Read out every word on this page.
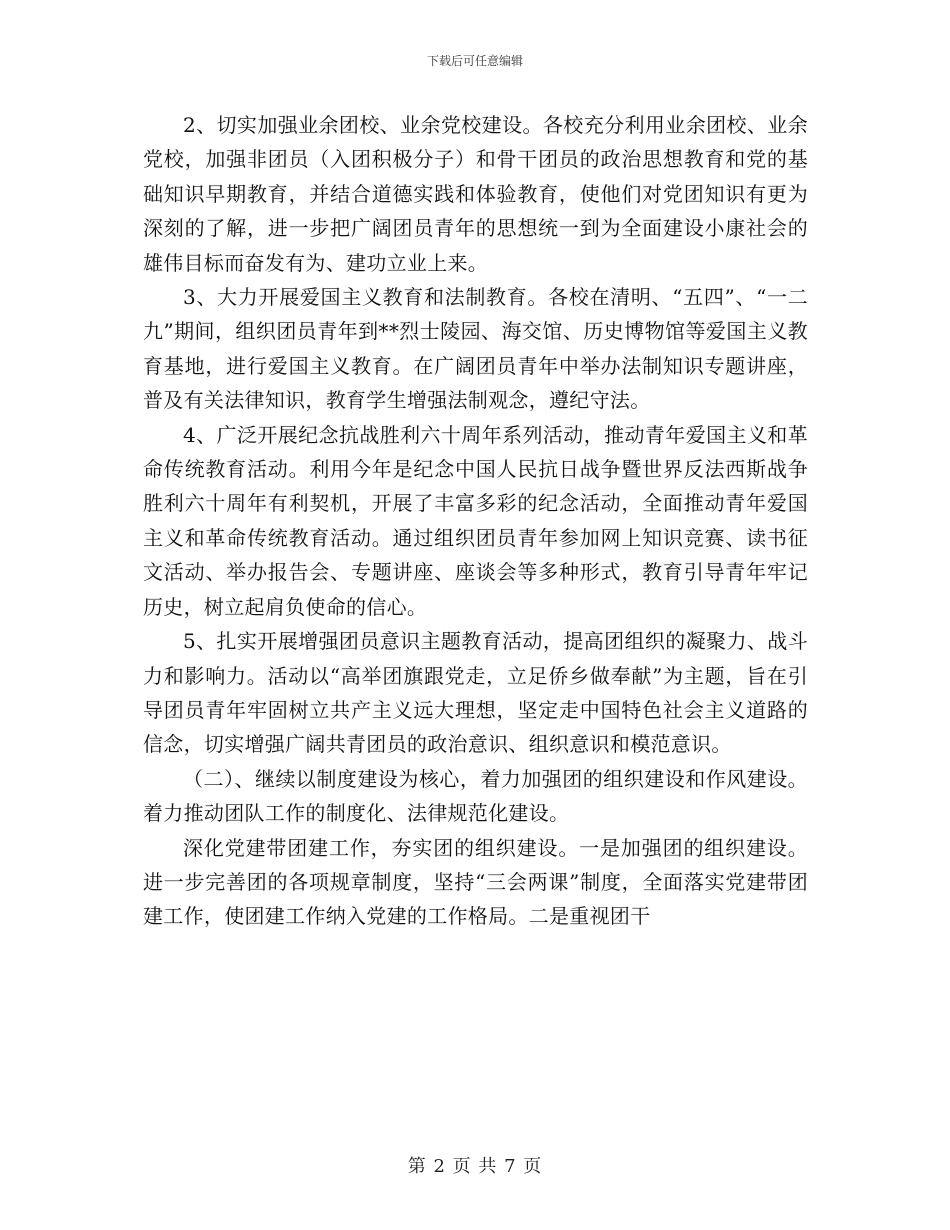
下载后可任意编辑

2、切实加强业余团校、业余党校建设。各校充分利用业余团校、业余党校，加强非团员（入团积极分子）和骨干团员的政治思想教育和党的基础知识早期教育，并结合道德实践和体验教育，使他们对党团知识有更为深刻的了解，进一步把广阔团员青年的思想统一到为全面建设小康社会的雄伟目标而奋发有为、建功立业上来。

3、大力开展爱国主义教育和法制教育。各校在清明、“五四”、“一二九”期间，组织团员青年到**烈士陵园、海交馆、历史博物馆等爱国主义教育基地，进行爱国主义教育。在广阔团员青年中举办法制知识专题讲座，普及有关法律知识，教育学生增强法制观念，遵纪守法。

4、广泛开展纪念抗战胜利六十周年系列活动，推动青年爱国主义和革命传统教育活动。利用今年是纪念中国人民抗日战争暨世界反法西斯战争胜利六十周年有利契机，开展了丰富多彩的纪念活动，全面推动青年爱国主义和革命传统教育活动。通过组织团员青年参加网上知识竞赛、读书征文活动、举办报告会、专题讲座、座谈会等多种形式，教育引导青年牢记历史，树立起肩负使命的信心。

5、扎实开展增强团员意识主题教育活动，提高团组织的凝聚力、战斗力和影响力。活动以“高举团旗跟党走，立足侨乡做奉献”为主题，旨在引导团员青年牢固树立共产主义远大理想，坚定走中国特色社会主义道路的信念，切实增强广阔共青团员的政治意识、组织意识和模范意识。

（二）、继续以制度建设为核心，着力加强团的组织建设和作风建设。着力推动团队工作的制度化、法律规范化建设。

深化党建带团建工作，夯实团的组织建设。一是加强团的组织建设。进一步完善团的各项规章制度，坚持“三会两课”制度，全面落实党建带团建工作，使团建工作纳入党建的工作格局。二是重视团干

第 2 页 共 7 页
